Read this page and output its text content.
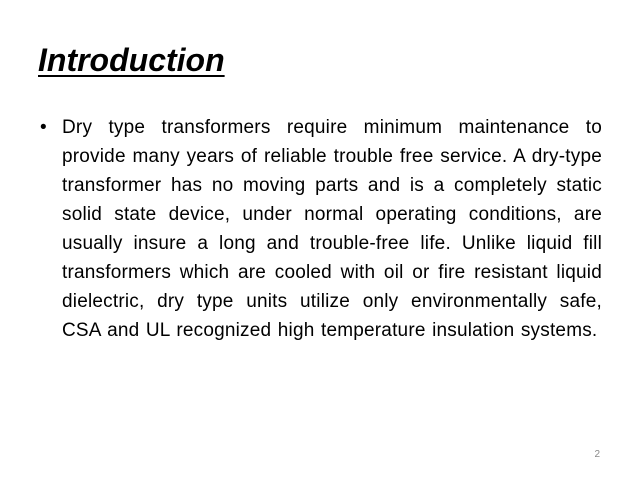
Introduction
• Dry type transformers require minimum maintenance to provide many years of reliable trouble free service. A dry-type transformer has no moving parts and is a completely static solid state device, under normal operating conditions, are usually insure a long and trouble-free life. Unlike liquid fill transformers which are cooled with oil or fire resistant liquid dielectric, dry type units utilize only environmentally safe, CSA and UL recognized high temperature insulation systems.
2
